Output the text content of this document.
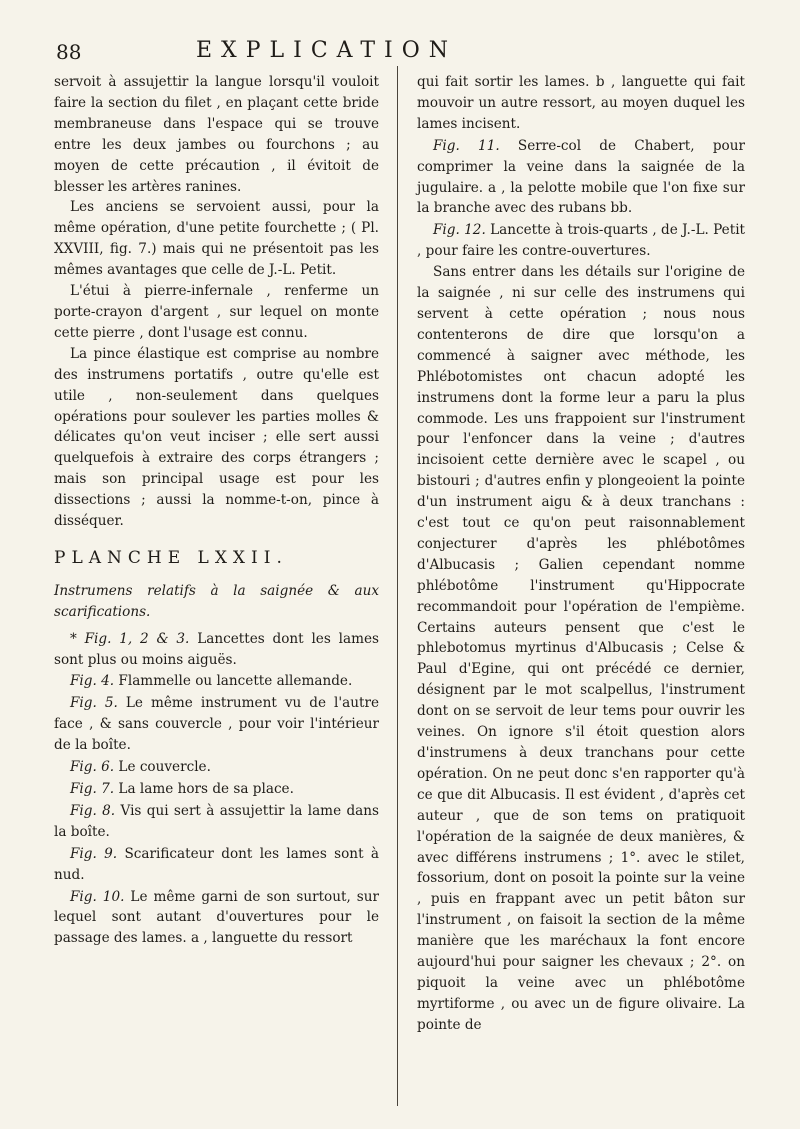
88	EXPLICATION

servoit à assujettir la langue lorsqu'il vouloit faire la section du filet , en plaçant cette bride membraneuse dans l'espace qui se trouve entre les deux jambes ou fourchons ; au moyen de cette précaution , il évitoit de blesser les artères ranines.

Les anciens se servoient aussi, pour la même opération, d'une petite fourchette ; ( Pl. XXVIII, fig. 7.) mais qui ne présentoit pas les mêmes avantages que celle de J.-L. Petit.

L'étui à pierre-infernale , renferme un porte-crayon d'argent , sur lequel on monte cette pierre , dont l'usage est connu.

La pince élastique est comprise au nombre des instrumens portatifs , outre qu'elle est utile , non-seulement dans quelques opérations pour soulever les parties molles & délicates qu'on veut inciser ; elle sert aussi quelquefois à extraire des corps étrangers ; mais son principal usage est pour les dissections ; aussi la nomme-t-on, pince à disséquer.

PLANCHE LXXII.

Instrumens relatifs à la saignée & aux scarifications.

* Fig. 1, 2 & 3. Lancettes dont les lames sont plus ou moins aiguës.

Fig. 4. Flammelle ou lancette allemande.

Fig. 5. Le même instrument vu de l'autre face , & sans couvercle , pour voir l'intérieur de la boîte.

Fig. 6. Le couvercle.

Fig. 7. La lame hors de sa place.

Fig. 8. Vis qui sert à assujettir la lame dans la boîte.

Fig. 9. Scarificateur dont les lames sont à nud.

Fig. 10. Le même garni de son surtout, sur lequel sont autant d'ouvertures pour le passage des lames. a , languette du ressort

qui fait sortir les lames. b , languette qui fait mouvoir un autre ressort, au moyen duquel les lames incisent.

Fig. 11. Serre-col de Chabert, pour comprimer la veine dans la saignée de la jugulaire. a , la pelotte mobile que l'on fixe sur la branche avec des rubans bb.

Fig. 12. Lancette à trois-quarts , de J.-L. Petit , pour faire les contre-ouvertures.

Sans entrer dans les détails sur l'origine de la saignée , ni sur celle des instrumens qui servent à cette opération ; nous nous contenterons de dire que lorsqu'on a commencé à saigner avec méthode, les Phlébotomistes ont chacun adopté les instrumens dont la forme leur a paru la plus commode. Les uns frappoient sur l'instrument pour l'enfoncer dans la veine ; d'autres incisoient cette dernière avec le scapel , ou bistouri ; d'autres enfin y plongeoient la pointe d'un instrument aigu & à deux tranchans : c'est tout ce qu'on peut raisonnablement conjecturer d'après les phlébotômes d'Albucasis ; Galien cependant nomme phlébotôme l'instrument qu'Hippocrate recommandoit pour l'opération de l'empième. Certains auteurs pensent que c'est le phlebotomus myrtinus d'Albucasis ; Celse & Paul d'Egine, qui ont précédé ce dernier, désignent par le mot scalpellus, l'instrument dont on se servoit de leur tems pour ouvrir les veines. On ignore s'il étoit question alors d'instrumens à deux tranchans pour cette opération. On ne peut donc s'en rapporter qu'à ce que dit Albucasis. Il est évident , d'après cet auteur , que de son tems on pratiquoit l'opération de la saignée de deux manières, & avec différens instrumens ; 1°. avec le stilet, fossorium, dont on posoit la pointe sur la veine , puis en frappant avec un petit bâton sur l'instrument , on faisoit la section de la même manière que les maréchaux la font encore aujourd'hui pour saigner les chevaux ; 2°. on piquoit la veine avec un phlébotôme myrtiforme , ou avec un de figure olivaire. La pointe de
